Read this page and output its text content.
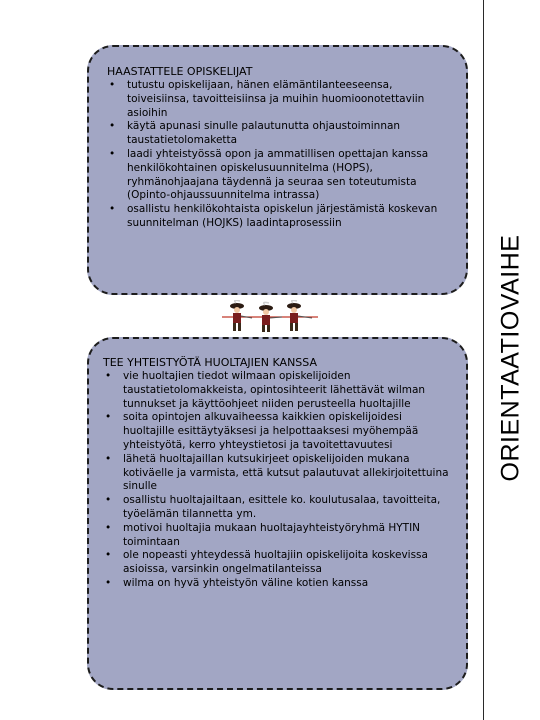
ORIENTAATIOVAIHE
11
HAASTATTELE OPISKELIJAT
• tutustu opiskelijaan, hänen elämäntilanteeseensa, toiveisiinsa, tavoitteisiinsa ja muihin huomioonotettaviin asioihin
• käytä apunasi sinulle palautunutta ohjaustoiminnan taustatietolomaketta
• laadi yhteistyössä opon ja ammatillisen opettajan kanssa henkilökohtainen opiskelusuunnitelma (HOPS), ryhmänohjaajana täydennä ja seuraa sen toteutumista (Opinto-ohjaussuunnitelma intrassa)
• osallistu henkilökohtaista opiskelun järjestämistä koskevan suunnitelman (HOJKS) laadintaprosessiin
TEE YHTEISTYÖTÄ HUOLTAJIEN KANSSA
• vie huoltajien tiedot wilmaan opiskelijoiden taustatietolomakkeista, opintosihteerit lähettävät wilman tunnukset ja käyttöohjeet niiden perusteella huoltajille
• soita opintojen alkuvaiheessa kaikkien opiskelijoidesi huoltajille esittäytyäksesi ja helpottaaksesi myöhempää yhteistyötä, kerro yhteystietosi ja tavoitettavuutesi
• lähetä huoltajaillan kutsukirjeet opiskelijoiden mukana kotiväelle ja varmista, että kutsut palautuvat allekirjoitettuina sinulle
• osallistu huoltajailtaan, esittele ko. koulutusalaa, tavoitteita, työelämän tilannetta ym.
• motivoi huoltajia mukaan huoltajayhteistyöryhmä HYTIN toimintaan
• ole nopeasti yhteydessä huoltajiin opiskelijoita koskevissa asioissa, varsinkin ongelmatilanteissa
• wilma on hyvä yhteistyön väline kotien kanssa
